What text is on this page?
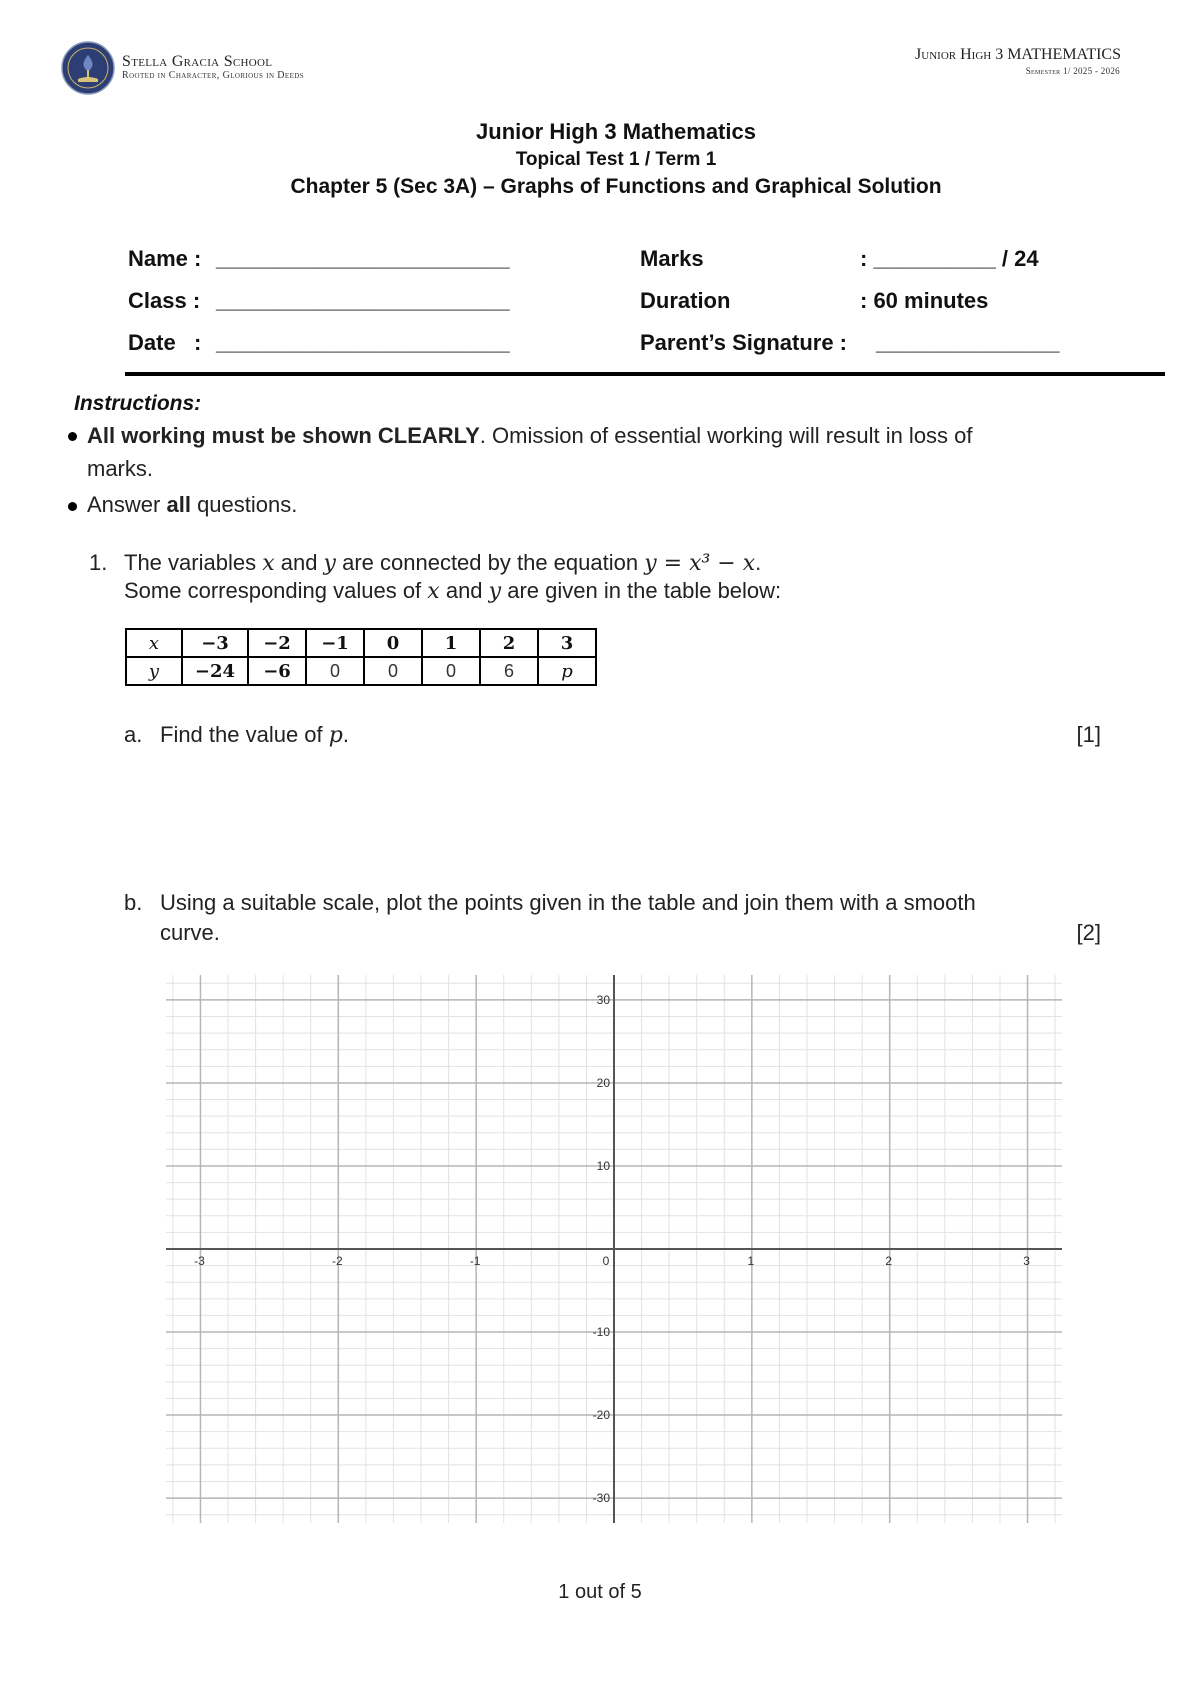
Stella Gracia School
Rooted in Character, Glorious in Deeds
Junior High 3 MATHEMATICS
Semester 1/ 2025 - 2026
Junior High 3 Mathematics
Topical Test 1 / Term 1
Chapter 5 (Sec 3A) – Graphs of Functions and Graphical Solution
Name : ________________________
Class : ________________________
Date   : ________________________
Marks	: __________ / 24
Duration	: 60 minutes
Parent’s Signature : _______________
Instructions:
All working must be shown CLEARLY. Omission of essential working will result in loss of
marks.
Answer all questions.
1. The variables x and y are connected by the equation y = x³ − x.
Some corresponding values of x and y are given in the table below:
x	−3	−2	−1	0	1	2	3
y	−24	−6	0	0	0	6	p
a. Find the value of p.	[1]
b. Using a suitable scale, plot the points given in the table and join them with a smooth
curve.	[2]
-3	-2	-1	0	1	2	3
30
20
10
-10
-20
-30
1 out of 5
